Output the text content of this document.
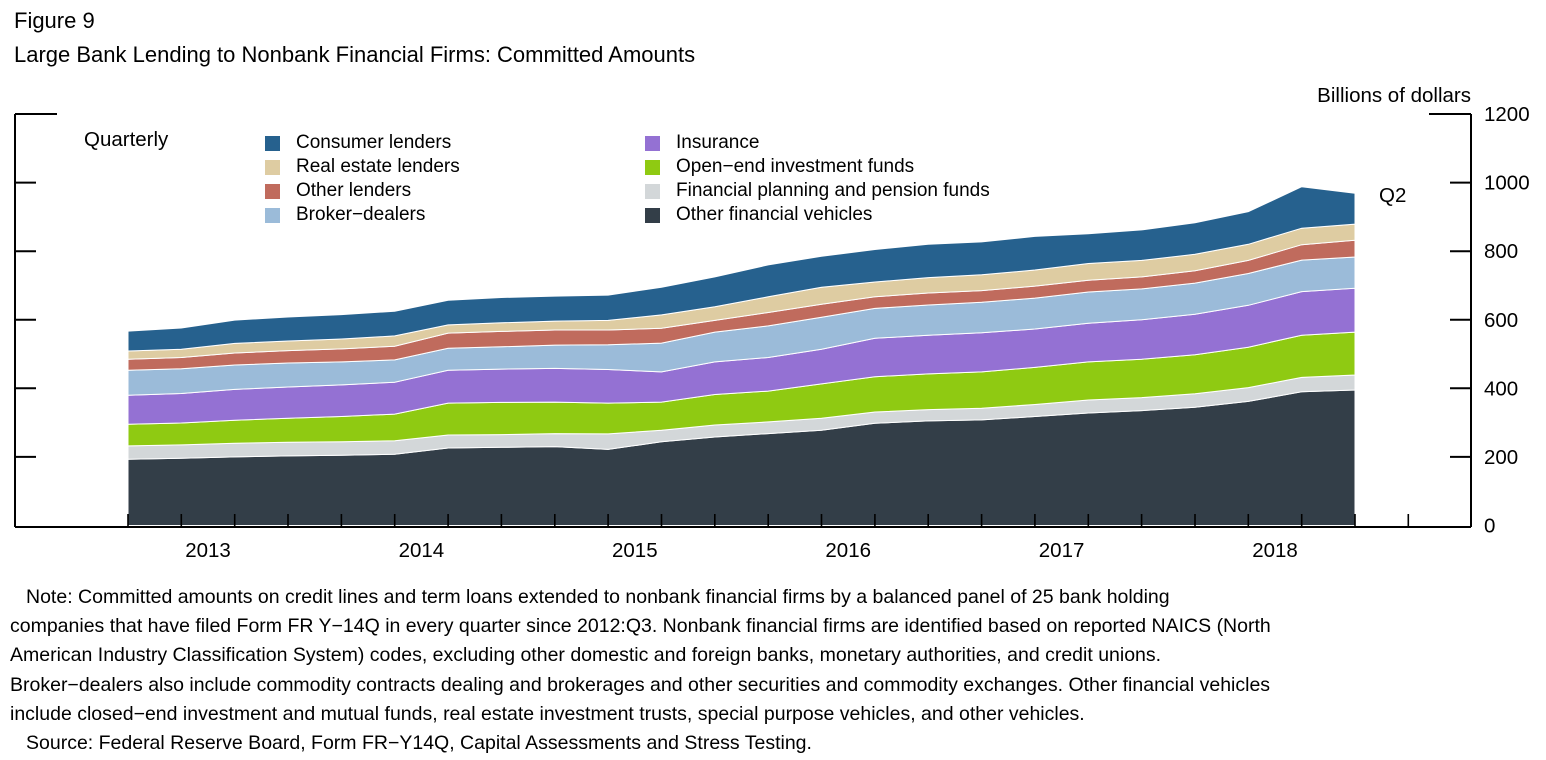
Figure 9
Large Bank Lending to Nonbank Financial Firms: Committed Amounts
Billions of dollars
0
200
400
600
800
1000
1200
2013	2014	2015	2016	2017	2018
Quarterly
Q2
Consumer lenders
Real estate lenders
Other lenders
Broker−dealers
Insurance
Open−end investment funds
Financial planning and pension funds
Other financial vehicles
Note: Committed amounts on credit lines and term loans extended to nonbank financial firms by a balanced panel of 25 bank holding
companies that have filed Form FR Y−14Q in every quarter since 2012:Q3. Nonbank financial firms are identified based on reported NAICS (North
American Industry Classification System) codes, excluding other domestic and foreign banks, monetary authorities, and credit unions.
Broker−dealers also include commodity contracts dealing and brokerages and other securities and commodity exchanges. Other financial vehicles
include closed−end investment and mutual funds, real estate investment trusts, special purpose vehicles, and other vehicles.
Source: Federal Reserve Board, Form FR−Y14Q, Capital Assessments and Stress Testing.
